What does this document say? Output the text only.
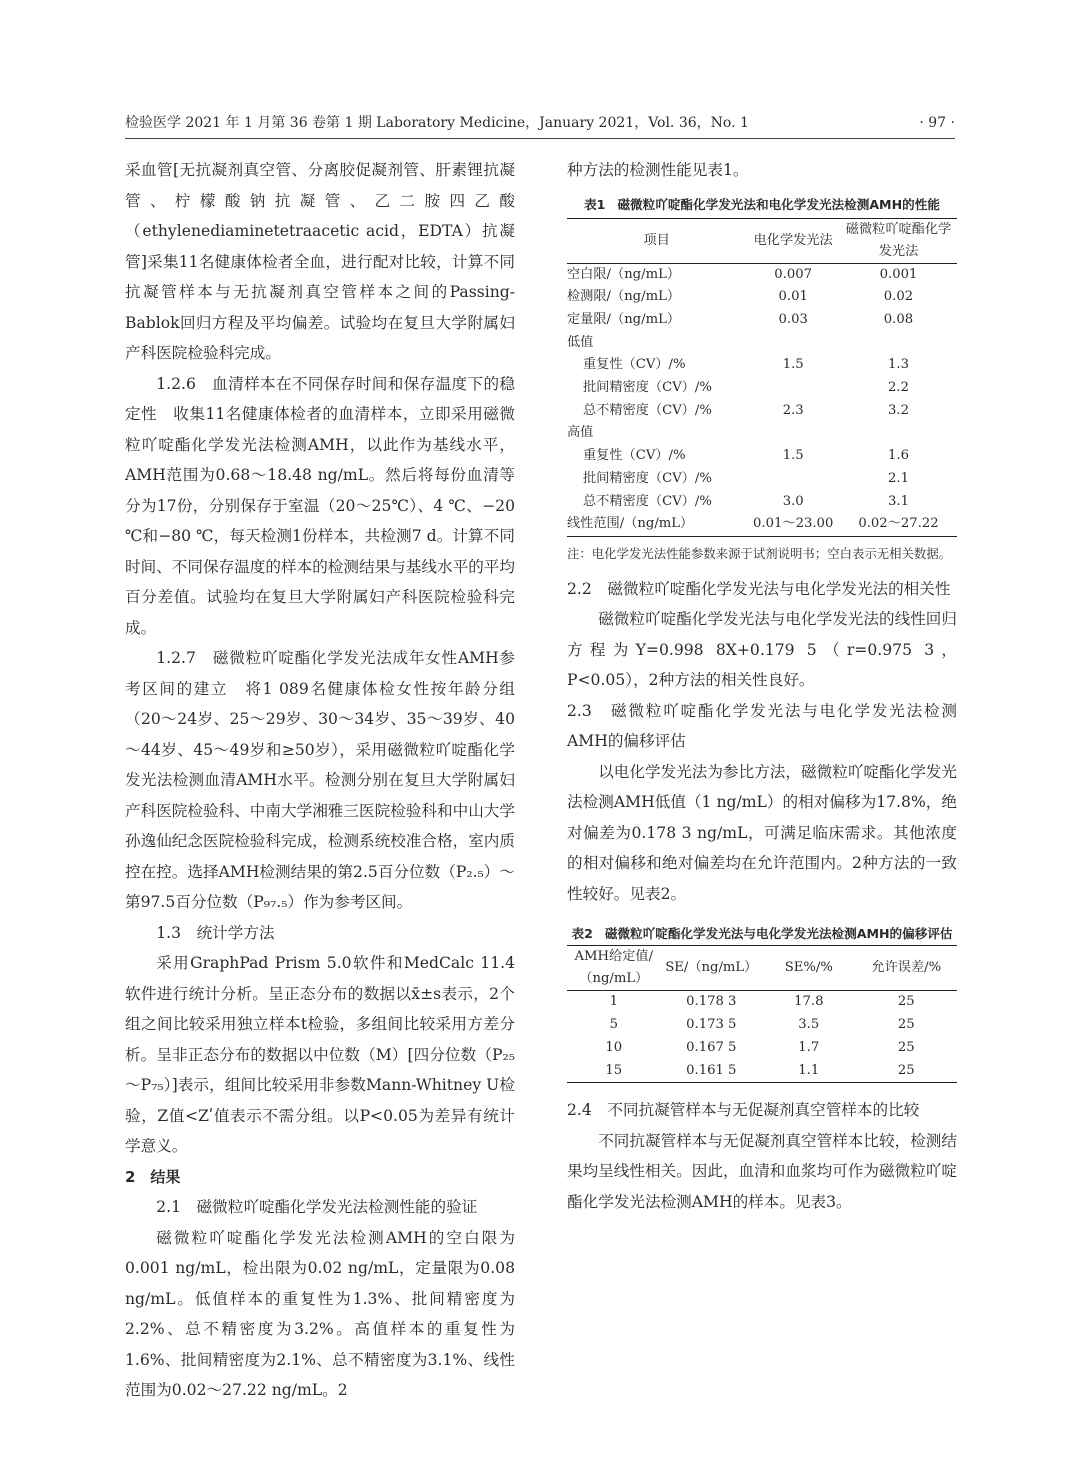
检验医学 2021 年 1 月第 36 卷第 1 期 Laboratory Medicine，January 2021，Vol. 36，No. 1	· 97 ·

采血管[无抗凝剂真空管、分离胶促凝剂管、肝素锂抗凝管、柠檬酸钠抗凝管、乙二胺四乙酸（ethylenediaminetetraacetic acid，EDTA）抗凝管]采集11名健康体检者全血，进行配对比较，计算不同抗凝管样本与无抗凝剂真空管样本之间的Passing-Bablok回归方程及平均偏差。试验均在复旦大学附属妇产科医院检验科完成。

1.2.6　血清样本在不同保存时间和保存温度下的稳定性　收集11名健康体检者的血清样本，立即采用磁微粒吖啶酯化学发光法检测AMH，以此作为基线水平，AMH范围为0.68～18.48 ng/mL。然后将每份血清等分为17份，分别保存于室温（20～25℃）、4 ℃、−20 ℃和−80 ℃，每天检测1份样本，共检测7 d。计算不同时间、不同保存温度的样本的检测结果与基线水平的平均百分差值。试验均在复旦大学附属妇产科医院检验科完成。

1.2.7　磁微粒吖啶酯化学发光法成年女性AMH参考区间的建立　将1 089名健康体检女性按年龄分组（20～24岁、25～29岁、30～34岁、35～39岁、40～44岁、45～49岁和≥50岁），采用磁微粒吖啶酯化学发光法检测血清AMH水平。检测分别在复旦大学附属妇产科医院检验科、中南大学湘雅三医院检验科和中山大学孙逸仙纪念医院检验科完成，检测系统校准合格，室内质控在控。选择AMH检测结果的第2.5百分位数（P₂.₅）～第97.5百分位数（P₉₇.₅）作为参考区间。

1.3　统计学方法

采用GraphPad Prism 5.0软件和MedCalc 11.4软件进行统计分析。呈正态分布的数据以x̄±s表示，2个组之间比较采用独立样本t检验，多组间比较采用方差分析。呈非正态分布的数据以中位数（M）[四分位数（P₂₅～P₇₅）]表示，组间比较采用非参数Mann-Whitney U检验，Z值<Zʹ值表示不需分组。以P<0.05为差异有统计学意义。

2　结果

2.1　磁微粒吖啶酯化学发光法检测性能的验证

磁微粒吖啶酯化学发光法检测AMH的空白限为0.001 ng/mL，检出限为0.02 ng/mL，定量限为0.08 ng/mL。低值样本的重复性为1.3%、批间精密度为2.2%、总不精密度为3.2%。高值样本的重复性为1.6%、批间精密度为2.1%、总不精密度为3.1%、线性范围为0.02～27.22 ng/mL。2

种方法的检测性能见表1。

表1 磁微粒吖啶酯化学发光法和电化学发光法检测AMH的性能
项目	电化学发光法	磁微粒吖啶酯化学发光法
空白限/（ng/mL）	0.007	0.001
检测限/（ng/mL）	0.01	0.02
定量限/（ng/mL）	0.03	0.08
低值		
重复性（CV）/%	1.5	1.3
批间精密度（CV）/%		2.2
总不精密度（CV）/%	2.3	3.2
高值		
重复性（CV）/%	1.5	1.6
批间精密度（CV）/%		2.1
总不精密度（CV）/%	3.0	3.1
线性范围/（ng/mL）	0.01～23.00	0.02～27.22
注：电化学发光法性能参数来源于试剂说明书；空白表示无相关数据。

2.2　磁微粒吖啶酯化学发光法与电化学发光法的相关性

磁微粒吖啶酯化学发光法与电化学发光法的线性回归方程为Y=0.998 8X+0.179 5（r=0.975 3，P<0.05），2种方法的相关性良好。

2.3　磁微粒吖啶酯化学发光法与电化学发光法检测AMH的偏移评估

以电化学发光法为参比方法，磁微粒吖啶酯化学发光法检测AMH低值（1 ng/mL）的相对偏移为17.8%，绝对偏差为0.178 3 ng/mL，可满足临床需求。其他浓度的相对偏移和绝对偏差均在允许范围内。2种方法的一致性较好。见表2。

表2 磁微粒吖啶酯化学发光法与电化学发光法检测AMH的偏移评估
AMH给定值/（ng/mL）	SE/（ng/mL）	SE%/%	允许误差/%
1	0.178 3	17.8	25
5	0.173 5	3.5	25
10	0.167 5	1.7	25
15	0.161 5	1.1	25

2.4　不同抗凝管样本与无促凝剂真空管样本的比较

不同抗凝管样本与无促凝剂真空管样本比较，检测结果均呈线性相关。因此，血清和血浆均可作为磁微粒吖啶酯化学发光法检测AMH的样本。见表3。
